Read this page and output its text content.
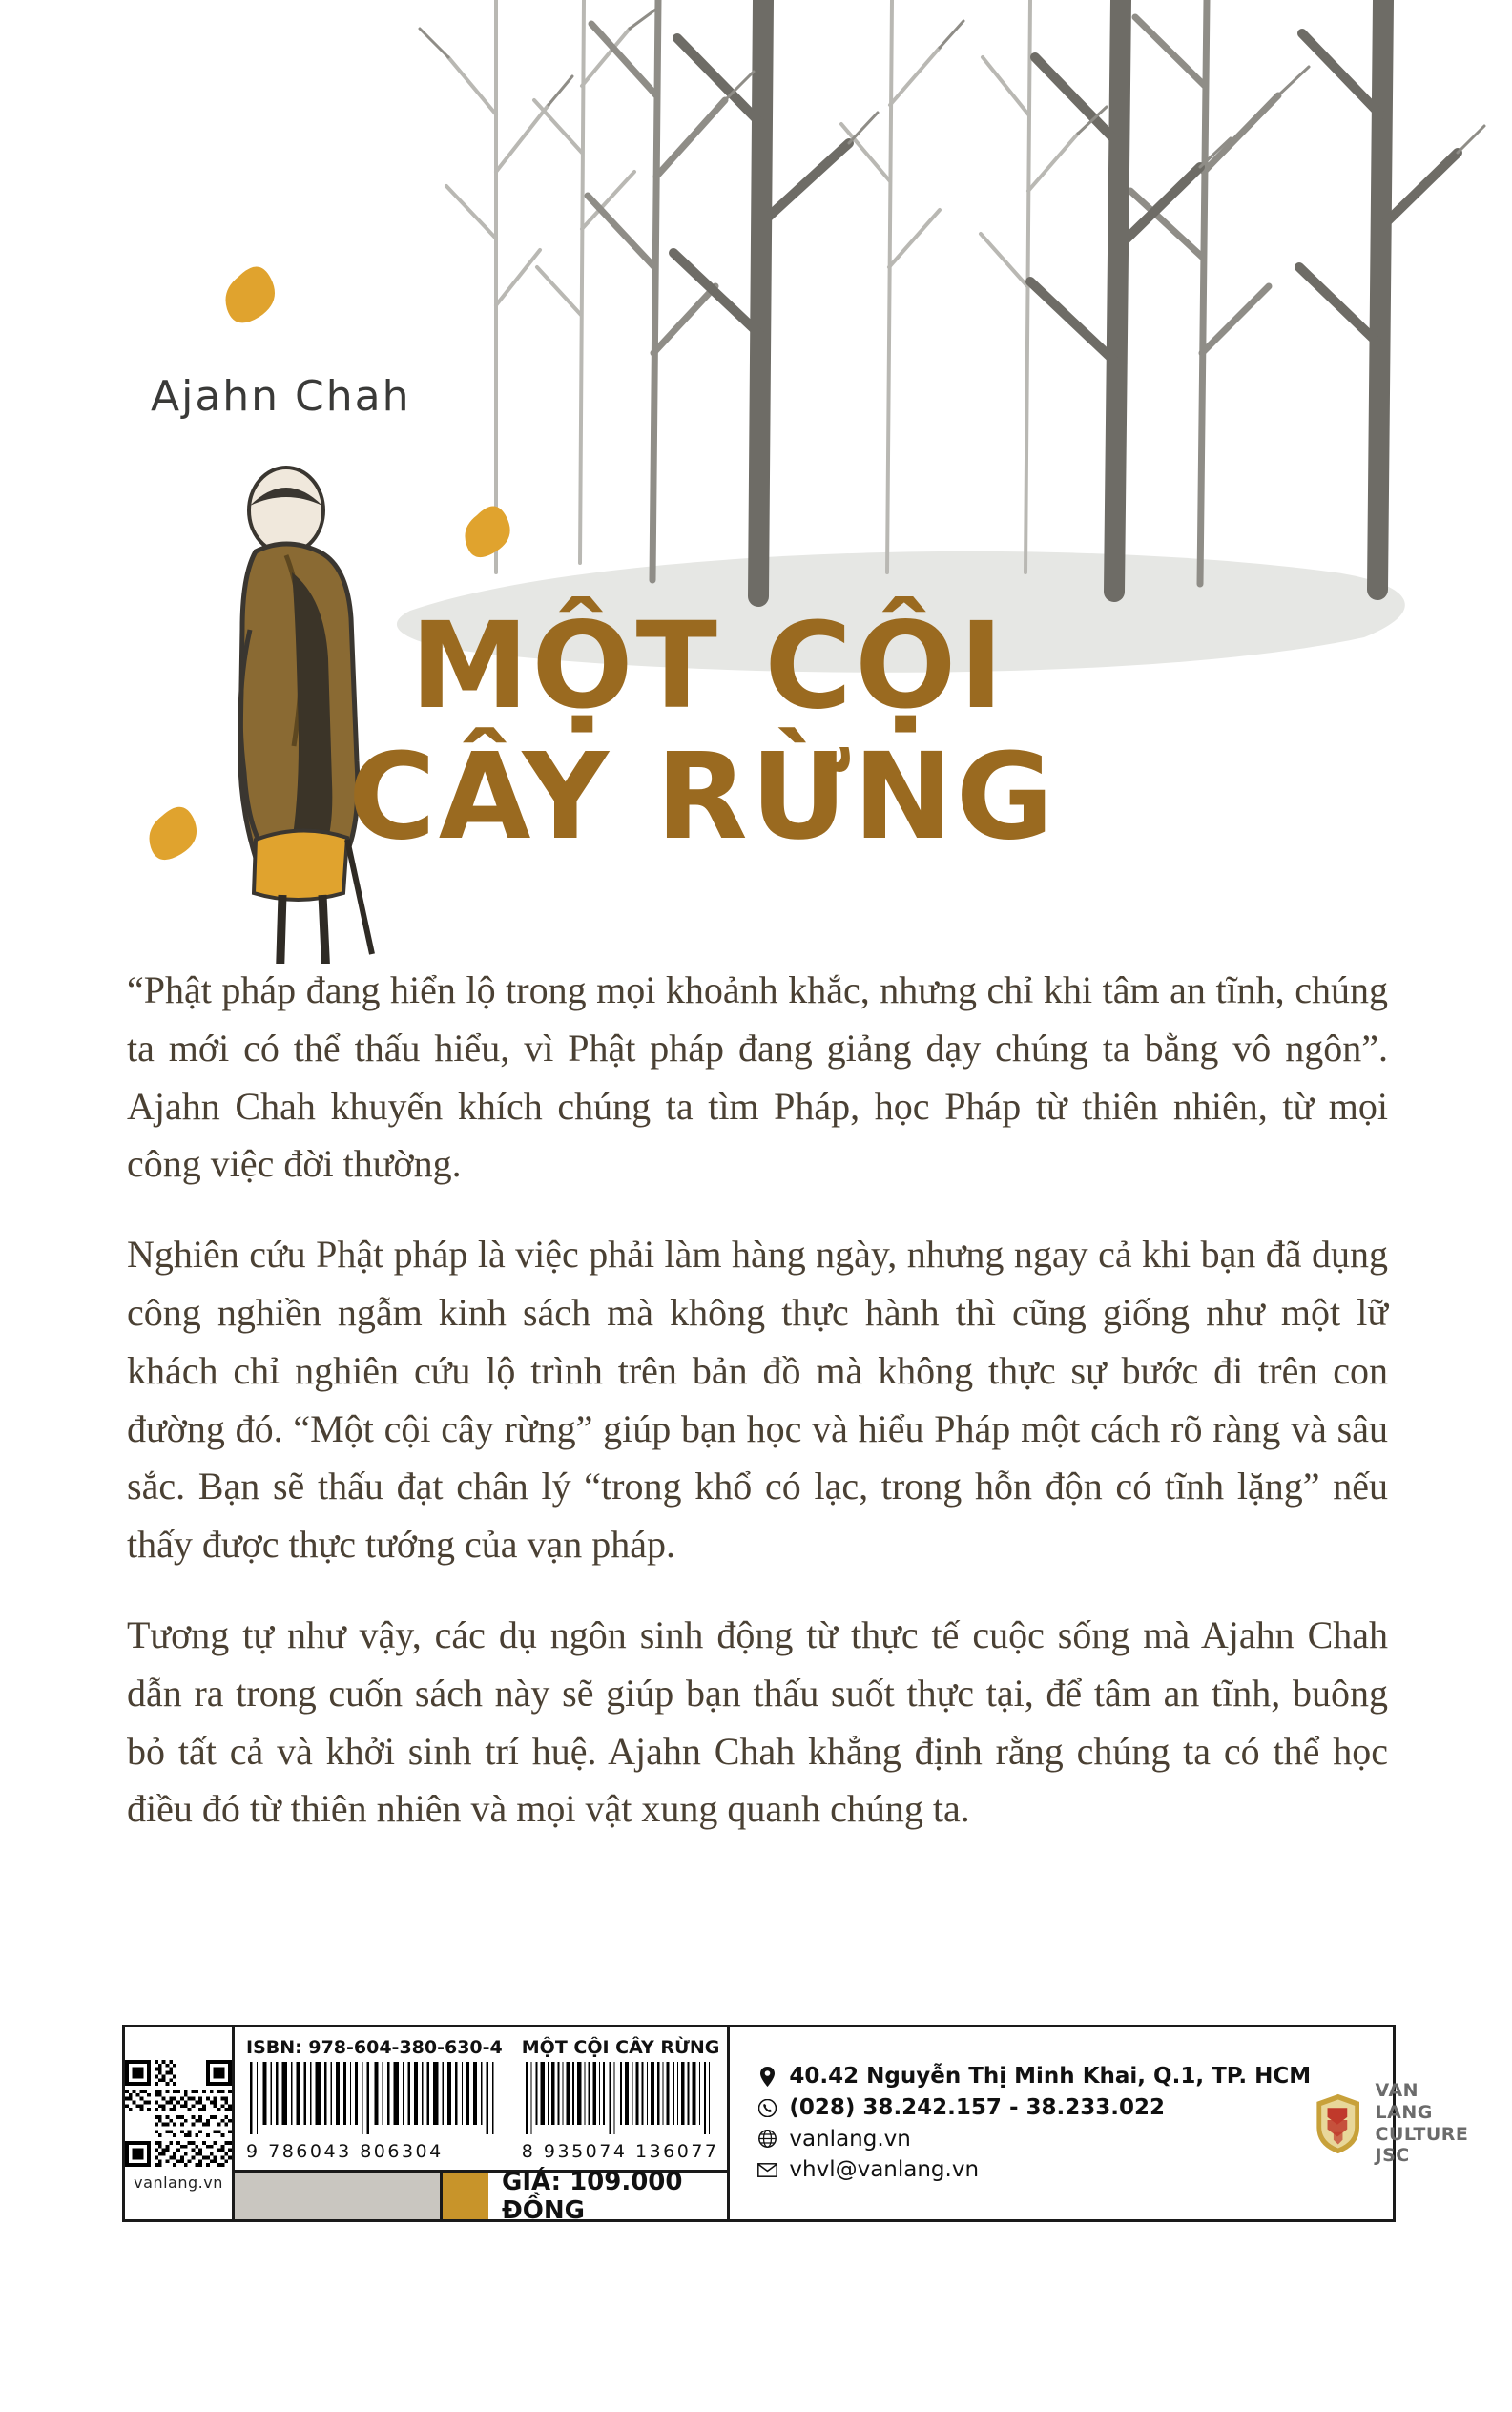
Ajahn Chah
MỘT CỘI
CÂY RỪNG

“Phật pháp đang hiển lộ trong mọi khoảnh khắc, nhưng chỉ khi tâm an tĩnh, chúng ta mới có thể thấu hiểu, vì Phật pháp đang giảng dạy chúng ta bằng vô ngôn”. Ajahn Chah khuyến khích chúng ta tìm Pháp, học Pháp từ thiên nhiên, từ mọi công việc đời thường.

Nghiên cứu Phật pháp là việc phải làm hàng ngày, nhưng ngay cả khi bạn đã dụng công nghiền ngẫm kinh sách mà không thực hành thì cũng giống như một lữ khách chỉ nghiên cứu lộ trình trên bản đồ mà không thực sự bước đi trên con đường đó. “Một cội cây rừng” giúp bạn học và hiểu Pháp một cách rõ ràng và sâu sắc. Bạn sẽ thấu đạt chân lý “trong khổ có lạc, trong hỗn độn có tĩnh lặng” nếu thấy được thực tướng của vạn pháp.

Tương tự như vậy, các dụ ngôn sinh động từ thực tế cuộc sống mà Ajahn Chah dẫn ra trong cuốn sách này sẽ giúp bạn thấu suốt thực tại, để tâm an tĩnh, buông bỏ tất cả và khởi sinh trí huệ. Ajahn Chah khẳng định rằng chúng ta có thể học điều đó từ thiên nhiên và mọi vật xung quanh chúng ta.

vanlang.vn
ISBN: 978-604-380-630-4
9 786043 806304
MỘT CỘI CÂY RỪNG
8 935074 136077
GIÁ: 109.000 ĐỒNG
40.42 Nguyễn Thị Minh Khai, Q.1, TP. HCM
(028) 38.242.157 - 38.233.022
vanlang.vn
vhvl@vanlang.vn
VAN LANG
CULTURE JSC
